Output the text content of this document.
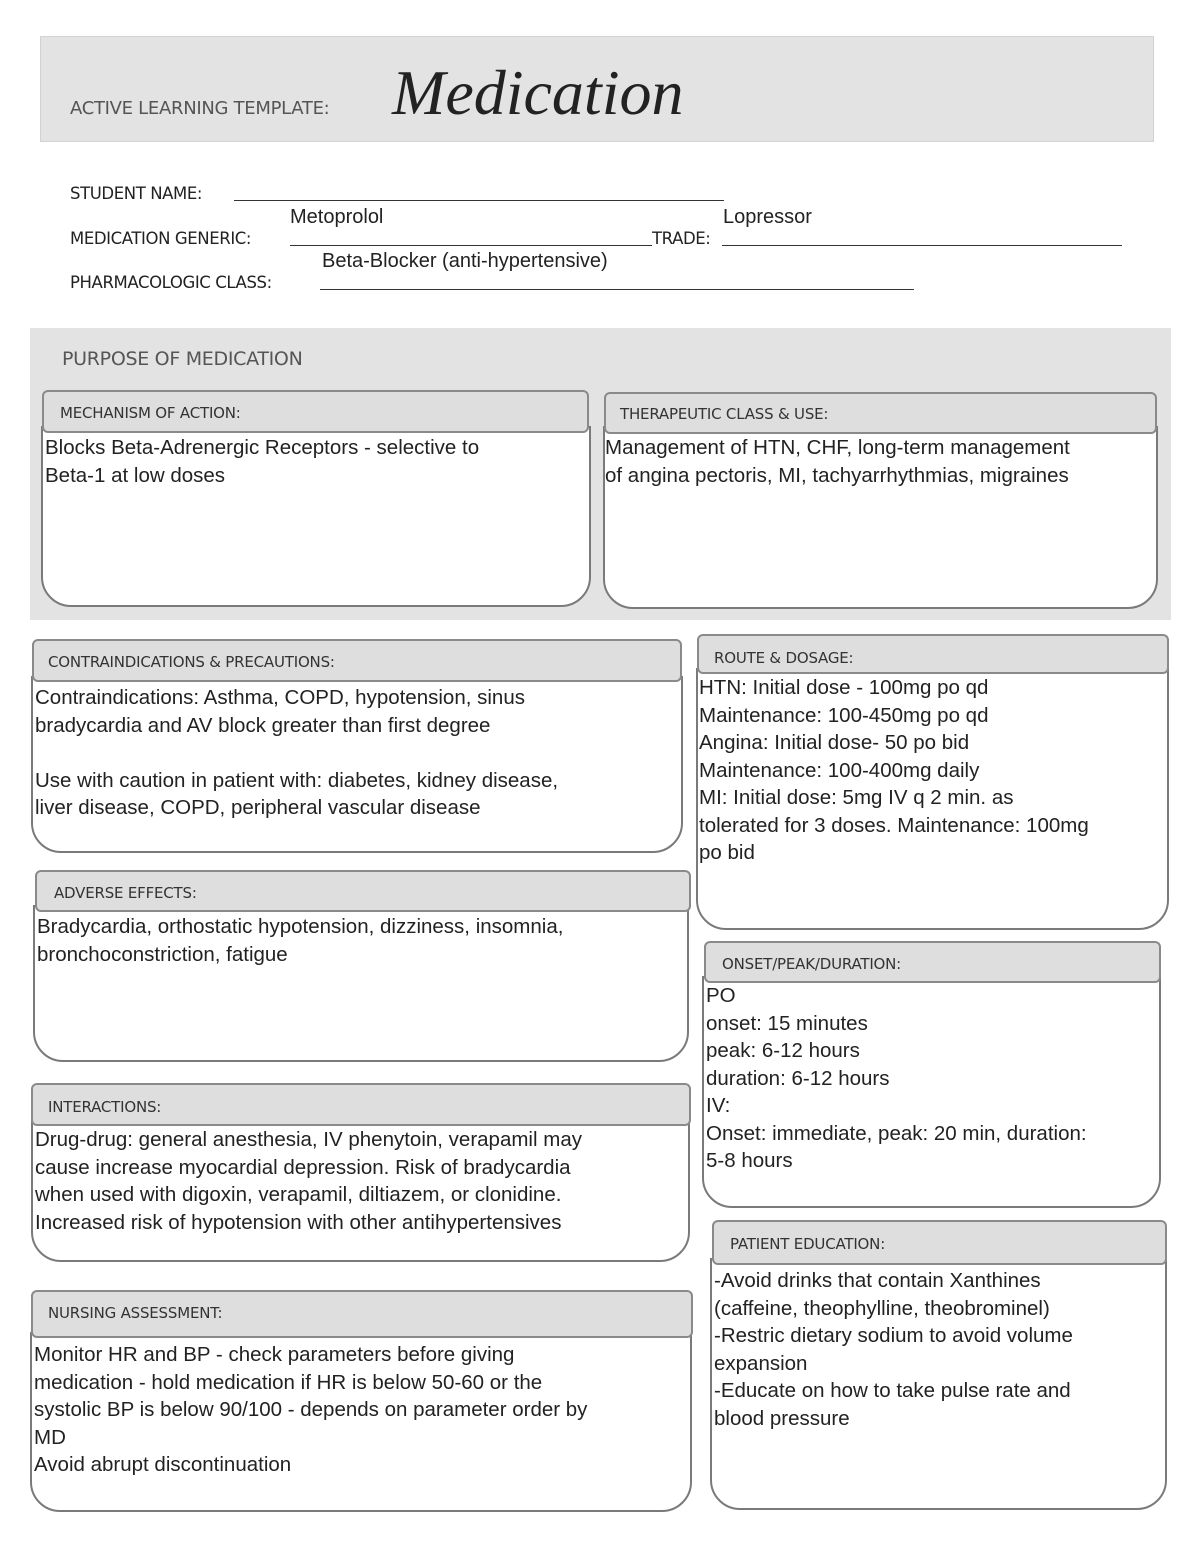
ACTIVE LEARNING TEMPLATE: Medication
STUDENT NAME:
MEDICATION GENERIC:
Metoprolol
TRADE:
Lopressor
PHARMACOLOGIC CLASS:
Beta-Blocker (anti-hypertensive)
PURPOSE OF MEDICATION
MECHANISM OF ACTION:

Blocks Beta-Adrenergic Receptors - selective to

Beta-1 at low doses

THERAPEUTIC CLASS & USE:

Management of HTN, CHF, long-term management

of angina pectoris, MI, tachyarrhythmias, migraines

CONTRAINDICATIONS & PRECAUTIONS:

Contraindications: Asthma, COPD, hypotension, sinus

bradycardia and AV block greater than first degree

Use with caution in patient with: diabetes, kidney disease,

liver disease, COPD, peripheral vascular disease

ADVERSE EFFECTS:

Bradycardia, orthostatic hypotension, dizziness, insomnia,

bronchoconstriction, fatigue

INTERACTIONS:

Drug-drug: general anesthesia, IV phenytoin, verapamil may

cause increase myocardial depression. Risk of bradycardia

when used with digoxin, verapamil, diltiazem, or clonidine.

Increased risk of hypotension with other antihypertensives

NURSING ASSESSMENT:

Monitor HR and BP - check parameters before giving

medication - hold medication if HR is below 50-60 or the

systolic BP is below 90/100 - depends on parameter order by

MD

Avoid abrupt discontinuation

ROUTE & DOSAGE:

HTN: Initial dose - 100mg po qd

Maintenance: 100-450mg po qd

Angina: Initial dose- 50 po bid

Maintenance: 100-400mg daily

MI: Initial dose: 5mg IV q 2 min. as

tolerated for 3 doses. Maintenance: 100mg

po bid

ONSET/PEAK/DURATION:

PO

onset: 15 minutes

peak: 6-12 hours

duration: 6-12 hours

IV:

Onset: immediate, peak: 20 min, duration:

5-8 hours

PATIENT EDUCATION:

-Avoid drinks that contain Xanthines

(caffeine, theophylline, theobrominel)

-Restric dietary sodium to avoid volume

expansion

-Educate on how to take pulse rate and

blood pressure
